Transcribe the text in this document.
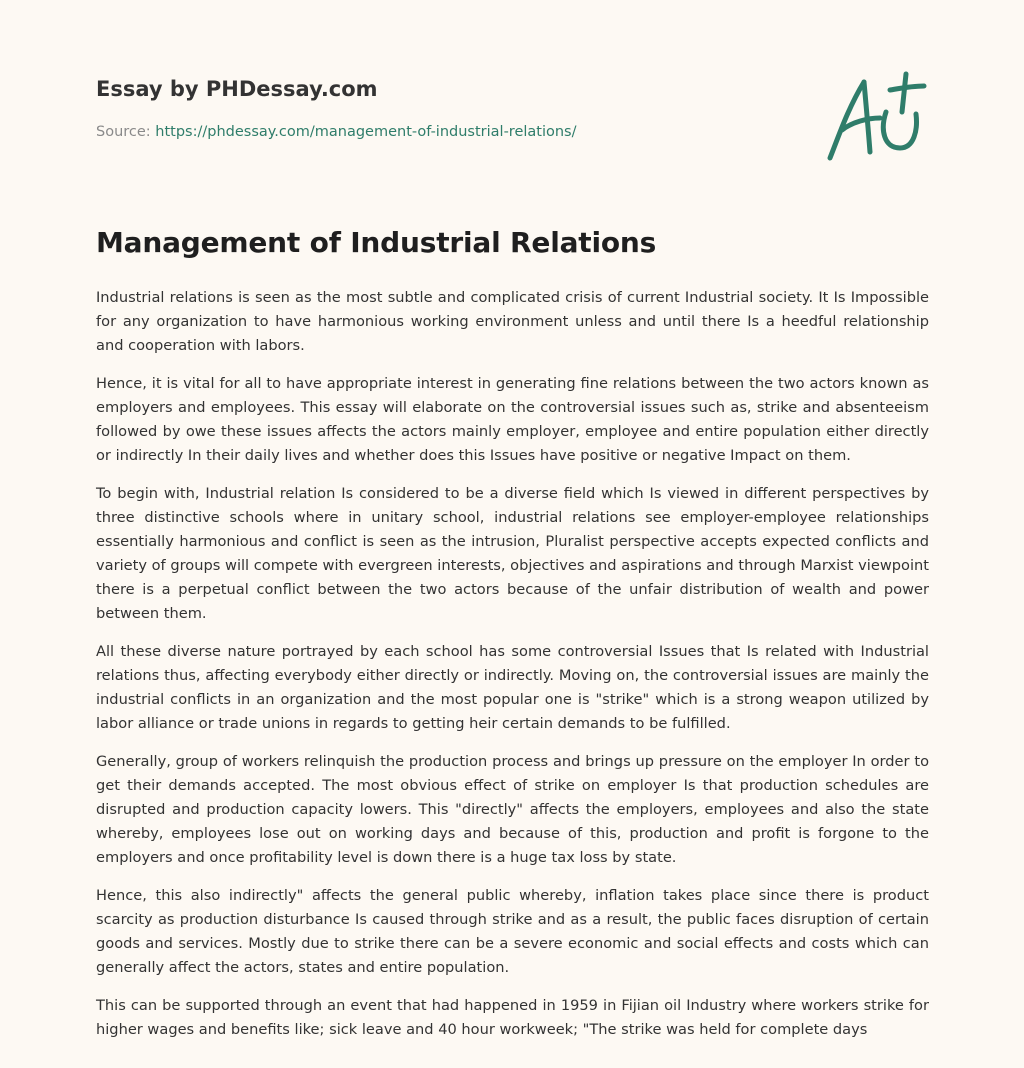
Essay by PHDessay.com
Source: https://phdessay.com/management-of-industrial-relations/
Management of Industrial Relations

Industrial relations is seen as the most subtle and complicated crisis of current Industrial society. It Is Impossible for any organization to have harmonious working environment unless and until there Is a heedful relationship and cooperation with labors.

Hence, it is vital for all to have appropriate interest in generating fine relations between the two actors known as employers and employees. This essay will elaborate on the controversial issues such as, strike and absenteeism followed by owe these issues affects the actors mainly employer, employee and entire population either directly or indirectly In their daily lives and whether does this Issues have positive or negative Impact on them.

To begin with, Industrial relation Is considered to be a diverse field which Is viewed in different perspectives by three distinctive schools where in unitary school, industrial relations see employer-employee relationships essentially harmonious and conflict is seen as the intrusion, Pluralist perspective accepts expected conflicts and variety of groups will compete with evergreen interests, objectives and aspirations and through Marxist viewpoint there is a perpetual conflict between the two actors because of the unfair distribution of wealth and power between them.

All these diverse nature portrayed by each school has some controversial Issues that Is related with Industrial relations thus, affecting everybody either directly or indirectly. Moving on, the controversial issues are mainly the industrial conflicts in an organization and the most popular one is "strike" which is a strong weapon utilized by labor alliance or trade unions in regards to getting heir certain demands to be fulfilled.

Generally, group of workers relinquish the production process and brings up pressure on the employer In order to get their demands accepted. The most obvious effect of strike on employer Is that production schedules are disrupted and production capacity lowers. This "directly" affects the employers, employees and also the state whereby, employees lose out on working days and because of this, production and profit is forgone to the employers and once profitability level is down there is a huge tax loss by state.

Hence, this also indirectly" affects the general public whereby, inflation takes place since there is product scarcity as production disturbance Is caused through strike and as a result, the public faces disruption of certain goods and services. Mostly due to strike there can be a severe economic and social effects and costs which can generally affect the actors, states and entire population.

This can be supported through an event that had happened in 1959 in Fijian oil Industry where workers strike for higher wages and benefits like; sick leave and 40 hour workweek; "The strike was held for complete days
